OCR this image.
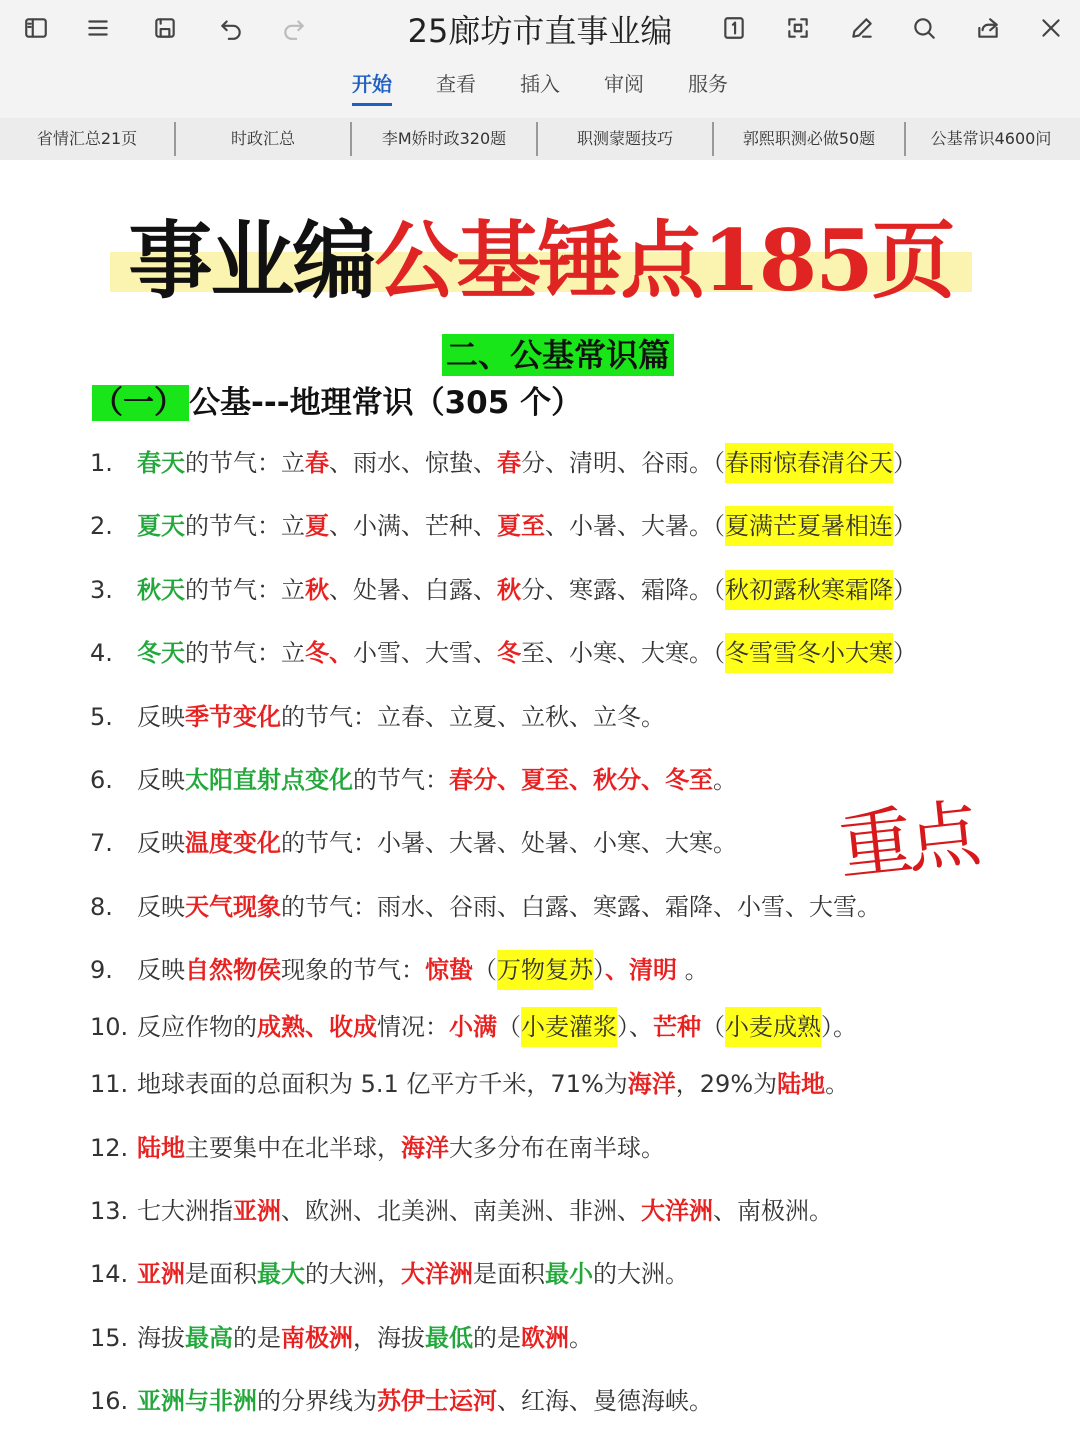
25廊坊市直事业编
开始 查看 插入 审阅 服务
省情汇总21页	时政汇总	李M娇时政320题	职测蒙题技巧	郭熙职测必做50题	公基常识4600问
事业编公基锤点185页
二、公基常识篇
（一） 公基---地理常识（305 个）
1. 春天的节气：立春、雨水、惊蛰、春分、清明、谷雨。（春雨惊春清谷天）
2. 夏天的节气：立夏、小满、芒种、夏至、小暑、大暑。（夏满芒夏暑相连）
3. 秋天的节气：立秋、处暑、白露、秋分、寒露、霜降。（秋初露秋寒霜降）
4. 冬天的节气：立冬、小雪、大雪、冬至、小寒、大寒。（冬雪雪冬小大寒）
5. 反映季节变化的节气：立春、立夏、立秋、立冬。
6. 反映太阳直射点变化的节气：春分、夏至、秋分、冬至。
7. 反映温度变化的节气：小暑、大暑、处暑、小寒、大寒。
8. 反映天气现象的节气：雨水、谷雨、白露、寒露、霜降、小雪、大雪。
9. 反映自然物侯现象的节气：惊蛰（万物复苏）、清明 。
10. 反应作物的成熟、收成情况：小满（小麦灌浆）、芒种（小麦成熟）。
11. 地球表面的总面积为 5.1 亿平方千米，71%为海洋，29%为陆地。
12. 陆地主要集中在北半球，海洋大多分布在南半球。
13. 七大洲指亚洲、欧洲、北美洲、南美洲、非洲、大洋洲、南极洲。
14. 亚洲是面积最大的大洲，大洋洲是面积最小的大洲。
15. 海拔最高的是南极洲，海拔最低的是欧洲。
16. 亚洲与非洲的分界线为苏伊士运河、红海、曼德海峡。
重点
